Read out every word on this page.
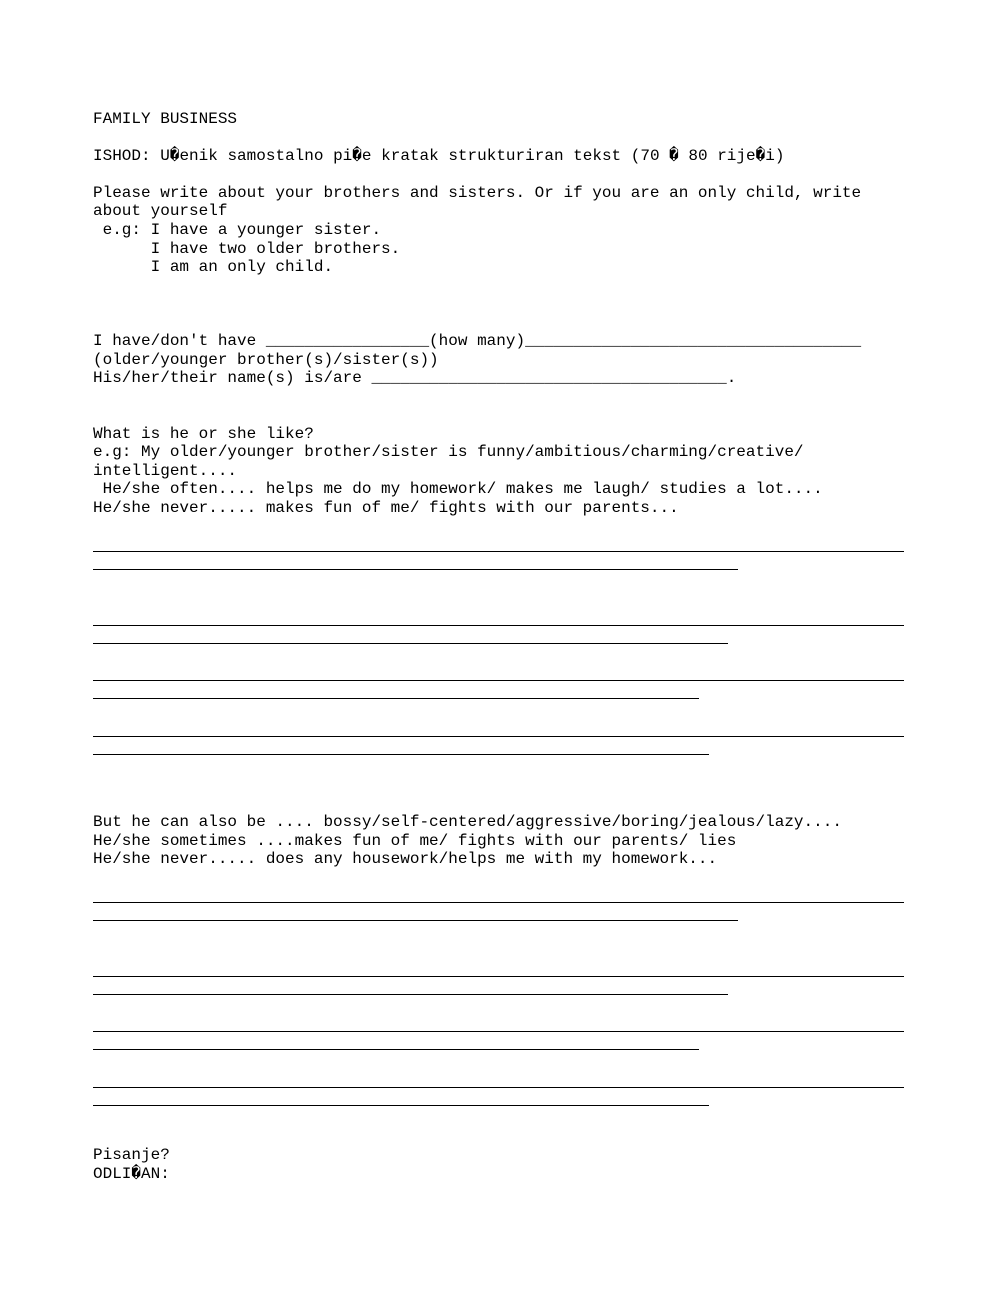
FAMILY BUSINESS

ISHOD: U�enik samostalno pi�e kratak strukturiran tekst (70 � 80 rije�i)

Please write about your brothers and sisters. Or if you are an only child, write

about yourself

e.g: I have a younger sister.

I have two older brothers.

I am an only child.

I have/don't have _________________(how many)___________________________________

(older/younger brother(s)/sister(s))

His/her/their name(s) is/are _____________________________________.

What is he or she like?

e.g: My older/younger brother/sister is funny/ambitious/charming/creative/

intelligent....

He/she often.... helps me do my homework/ makes me laugh/ studies a lot....

He/she never..... makes fun of me/ fights with our parents...

But he can also be .... bossy/self-centered/aggressive/boring/jealous/lazy....

He/she sometimes ....makes fun of me/ fights with our parents/ lies

He/she never..... does any housework/helps me with my homework...

Pisanje?

ODLI�AN:
